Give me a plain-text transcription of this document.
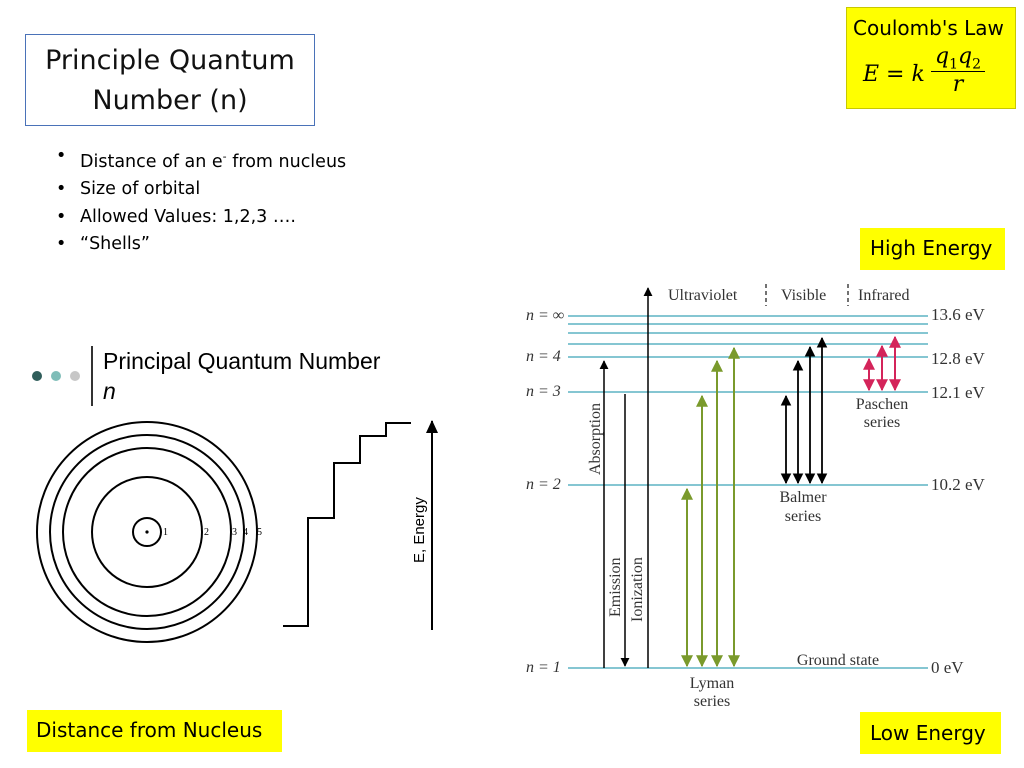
Principle Quantum
Number (n)
• Distance of an e- from nucleus
• Size of orbital
• Allowed Values: 1,2,3 ….
• “Shells”
Coulomb's Law
E = k
$q_1q_2$
r
High Energy
Low Energy
Distance from Nucleus
Principal Quantum Number
n
1	2 3 4 5	E, Energy
Ultraviolet	Visible Infrared
n = ∞
n = 4
n = 3
n = 2
n = 1
13.6 eV
12.8 eV
12.1 eV
10.2 eV
0 eV
Absorption
Emission Ionization
Paschen
series
Balmer
series
Lyman
series
Ground state
